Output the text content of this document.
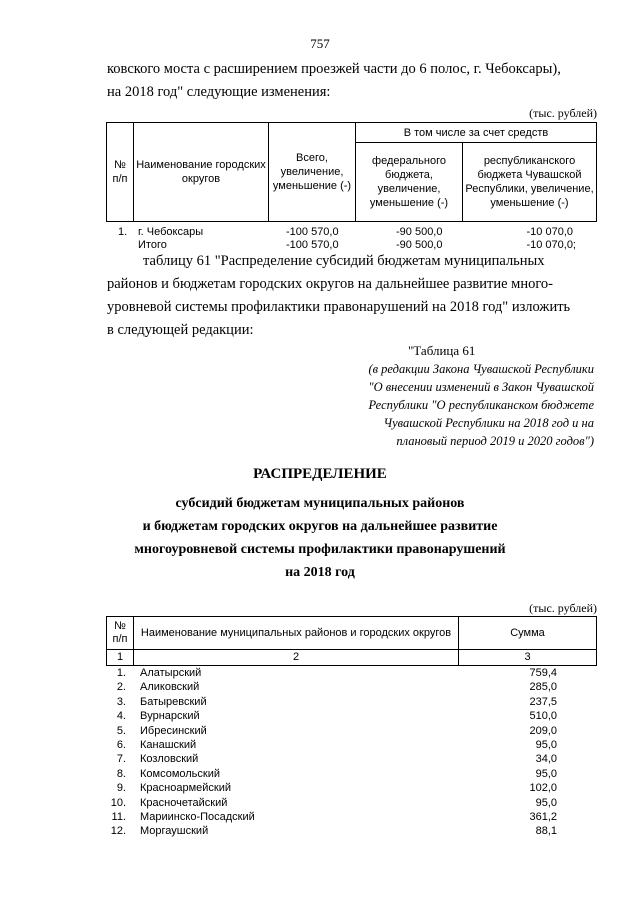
757
ковского моста с расширением проезжей части до 6 полос, г. Чебоксары),
на 2018 год" следующие изменения:
(тыс. рублей)
№ п/п	Наименование городских округов	Всего, увеличение, уменьшение (-)	В том числе за счет средств	
			федерального бюджета, увеличение, уменьшение (-)	республиканского бюджета Чувашской Республики, увеличение, уменьшение (-)
1. г. Чебоксары	-100 570,0	-90 500,0	-10 070,0
Итого	-100 570,0	-90 500,0	-10 070,0;
таблицу 61 "Распределение субсидий бюджетам муниципальных
районов и бюджетам городских округов на дальнейшее развитие много-
уровневой системы профилактики правонарушений на 2018 год" изложить
в следующей редакции:
"Таблица 61
(в редакции Закона Чувашской Республики
"О внесении изменений в Закон Чувашской
Республики "О республиканском бюджете
Чувашской Республики на 2018 год и на
плановый период 2019 и 2020 годов")
РАСПРЕДЕЛЕНИЕ
субсидий бюджетам муниципальных районов
и бюджетам городских округов на дальнейшее развитие
многоуровневой системы профилактики правонарушений
на 2018 год
(тыс. рублей)
№ п/п	Наименование муниципальных районов и городских округов	Сумма
1	2	3
1. Алатырский	759,4
2. Аликовский	285,0
3. Батыревский	237,5
4. Вурнарский	510,0
5. Ибресинский	209,0
6. Канашский	95,0
7. Козловский	34,0
8. Комсомольский	95,0
9. Красноармейский	102,0
10. Красночетайский	95,0
11. Мариинско-Посадский	361,2
12. Моргаушский	88,1
